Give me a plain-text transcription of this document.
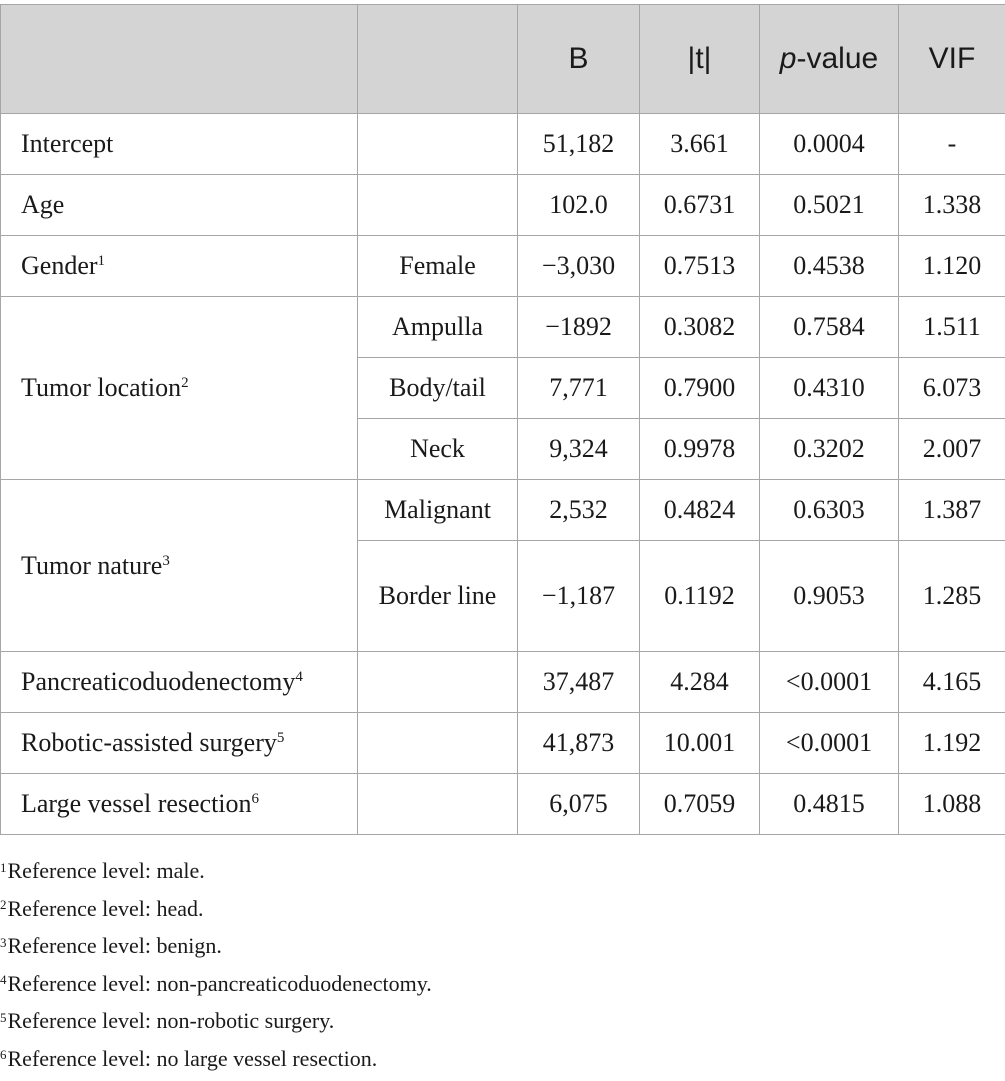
		B	|t|	p-value	VIF
Intercept		51,182	3.661	0.0004	-
Age		102.0	0.6731	0.5021	1.338
Gender$^1$	Female	−3,030	0.7513	0.4538	1.120
Tumor location$^2$	Ampulla	−1892	0.3082	0.7584	1.511
	Body/tail	7,771	0.7900	0.4310	6.073
	Neck	9,324	0.9978	0.3202	2.007
Tumor nature$^3$	Malignant	2,532	0.4824	0.6303	1.387
	Border line	−1,187	0.1192	0.9053	1.285
Pancreaticoduodenectomy$^4$		37,487	4.284	<0.0001	4.165
Robotic-assisted surgery$^5$		41,873	10.001	<0.0001	1.192
Large vessel resection$^6$		6,075	0.7059	0.4815	1.088
$^1$Reference level: male.
$^2$Reference level: head.
$^3$Reference level: benign.
$^4$Reference level: non-pancreaticoduodenectomy.
$^5$Reference level: non-robotic surgery.
$^6$Reference level: no large vessel resection.
